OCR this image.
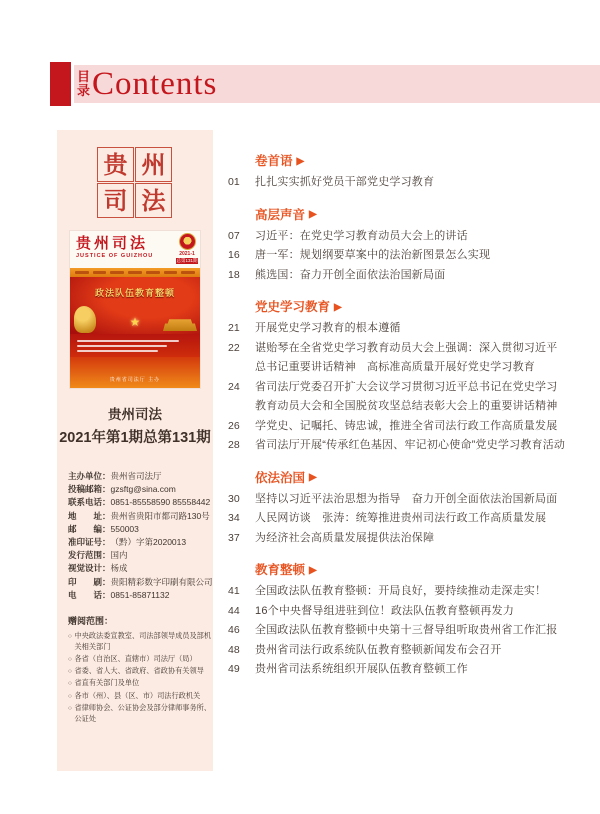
目
录 Contents
贵 州
司 法
贵州司法
JUSTICE OF GUIZHOU	2021-1
总第131期
政法队伍教育整顿
★
贵州省司法厅 主办
贵州司法
2021年第1期总第131期
主办单位： 贵州省司法厅
投稿邮箱： gzsftg@sina.com
联系电话： 0851-85558590 85558442
地　　址： 贵州省贵阳市都司路130号
邮　　编： 550003
准印证号： （黔）字第2020013
发行范围： 国内
视觉设计： 杨成
印　　刷： 贵阳精彩数字印刷有限公司
电　　话： 0851-85871132
赠阅范围：
○ 中央政法委宣教室、司法部领导成员及部机关相关部门
○ 各省（自治区、直辖市）司法厅（局）
○ 省委、省人大、省政府、省政协有关领导
○ 省直有关部门及单位
○ 各市（州）、县（区、市）司法行政机关
○ 省律师协会、公证协会及部分律师事务所、公证处
卷首语 ▶
01	扎扎实实抓好党员干部党史学习教育
高层声音 ▶
07	习近平：在党史学习教育动员大会上的讲话
16	唐一军：规划纲要草案中的法治新图景怎么实现
18	熊选国：奋力开创全面依法治国新局面
党史学习教育 ▶
21	开展党史学习教育的根本遵循
22	谌贻琴在全省党史学习教育动员大会上强调：深入贯彻习近平总书记重要讲话精神　高标准高质量开展好党史学习教育
24	省司法厅党委召开扩大会议学习贯彻习近平总书记在党史学习教育动员大会和全国脱贫攻坚总结表彰大会上的重要讲话精神
26	学党史、记嘱托、铸忠诚，推进全省司法行政工作高质量发展
28	省司法厅开展“传承红色基因、牢记初心使命”党史学习教育活动
依法治国 ▶
30	坚持以习近平法治思想为指导　奋力开创全面依法治国新局面
34	人民网访谈　张涛：统筹推进贵州司法行政工作高质量发展
37	为经济社会高质量发展提供法治保障
教育整顿 ▶
41	全国政法队伍教育整顿：开局良好，要持续推动走深走实！
44	16个中央督导组进驻到位！政法队伍教育整顿再发力
46	全国政法队伍教育整顿中央第十三督导组听取贵州省工作汇报
48	贵州省司法行政系统队伍教育整顿新闻发布会召开
49	贵州省司法系统组织开展队伍教育整顿工作
